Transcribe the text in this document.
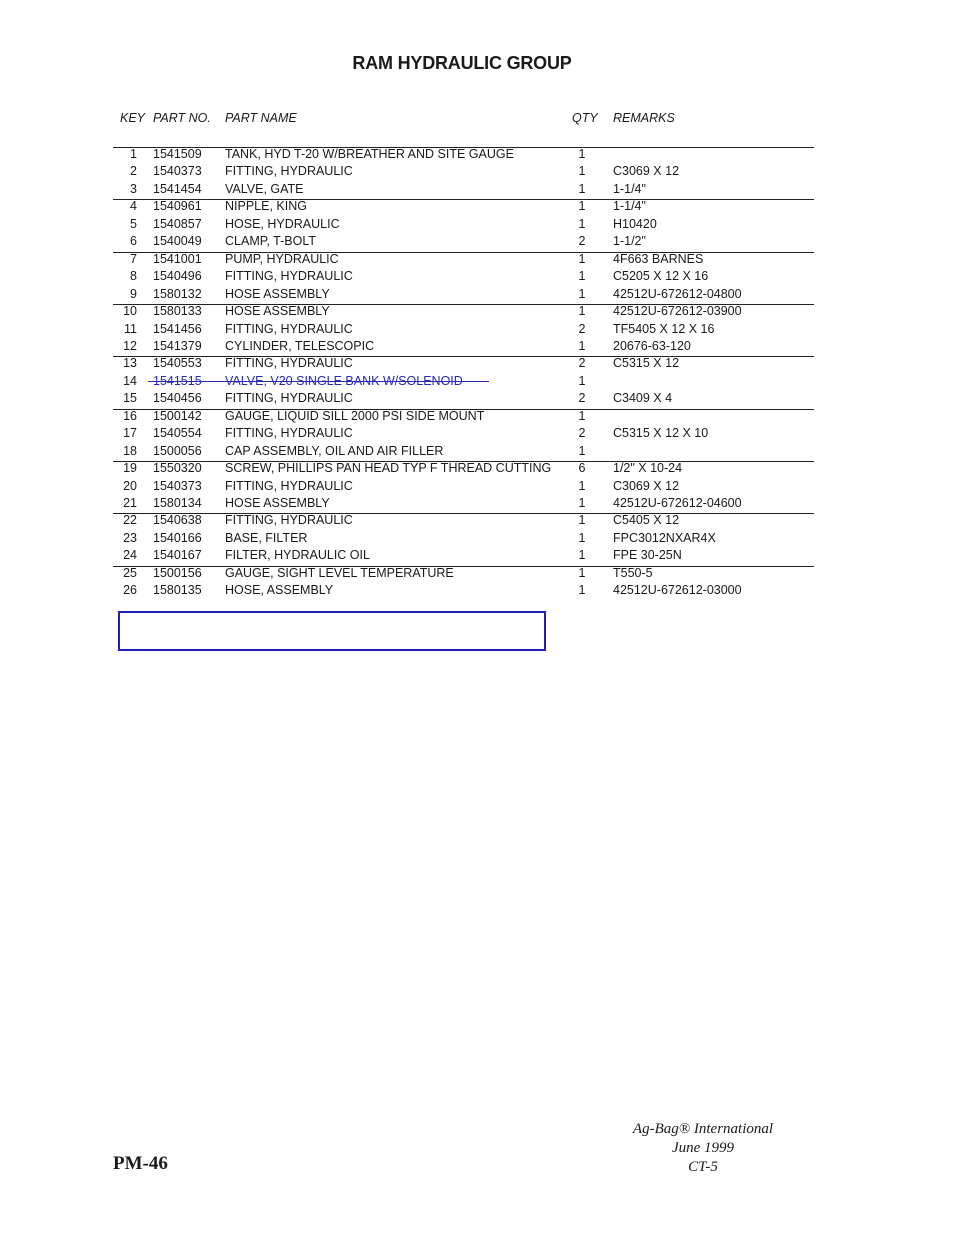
RAM HYDRAULIC GROUP
KEY PART NO. PART NAME	QTY REMARKS
1 1541509 TANK, HYD T-20 W/BREATHER AND SITE GAUGE	1
2 1540373 FITTING, HYDRAULIC	1	C3069 X 12
3 1541454 VALVE, GATE	1	1-1/4"
4 1540961 NIPPLE, KING	1	1-1/4"
5 1540857 HOSE, HYDRAULIC	1	H10420
6 1540049 CLAMP, T-BOLT	2	1-1/2"
7 1541001 PUMP, HYDRAULIC	1	4F663 BARNES
8 1540496 FITTING, HYDRAULIC	1	C5205 X 12 X 16
9 1580132 HOSE ASSEMBLY	1	42512U-672612-04800
10 1580133 HOSE ASSEMBLY	1	42512U-672612-03900
11 1541456 FITTING, HYDRAULIC	2	TF5405 X 12 X 16
12 1541379 CYLINDER, TELESCOPIC	1	20676-63-120
13 1540553 FITTING, HYDRAULIC	2	C5315 X 12
14 1541515 VALVE, V20 SINGLE BANK W/SOLENOID	1
15 1540456 FITTING, HYDRAULIC	2	C3409 X 4
16 1500142 GAUGE, LIQUID SILL 2000 PSI SIDE MOUNT	1
17 1540554 FITTING, HYDRAULIC	2	C5315 X 12 X 10
18 1500056 CAP ASSEMBLY, OIL AND AIR FILLER	1
19 1550320 SCREW, PHILLIPS PAN HEAD TYP F THREAD CUTTING	6	1/2" X 10-24
20 1540373 FITTING, HYDRAULIC	1	C3069 X 12
21 1580134 HOSE ASSEMBLY	1	42512U-672612-04600
22 1540638 FITTING, HYDRAULIC	1	C5405 X 12
23 1540166 BASE, FILTER	1	FPC3012NXAR4X
24 1540167 FILTER, HYDRAULIC OIL	1	FPE 30-25N
25 1500156 GAUGE, SIGHT LEVEL TEMPERATURE	1	T550-5
26 1580135 HOSE, ASSEMBLY	1	42512U-672612-03000
PM-46
Ag-Bag® International
June 1999
CT-5
